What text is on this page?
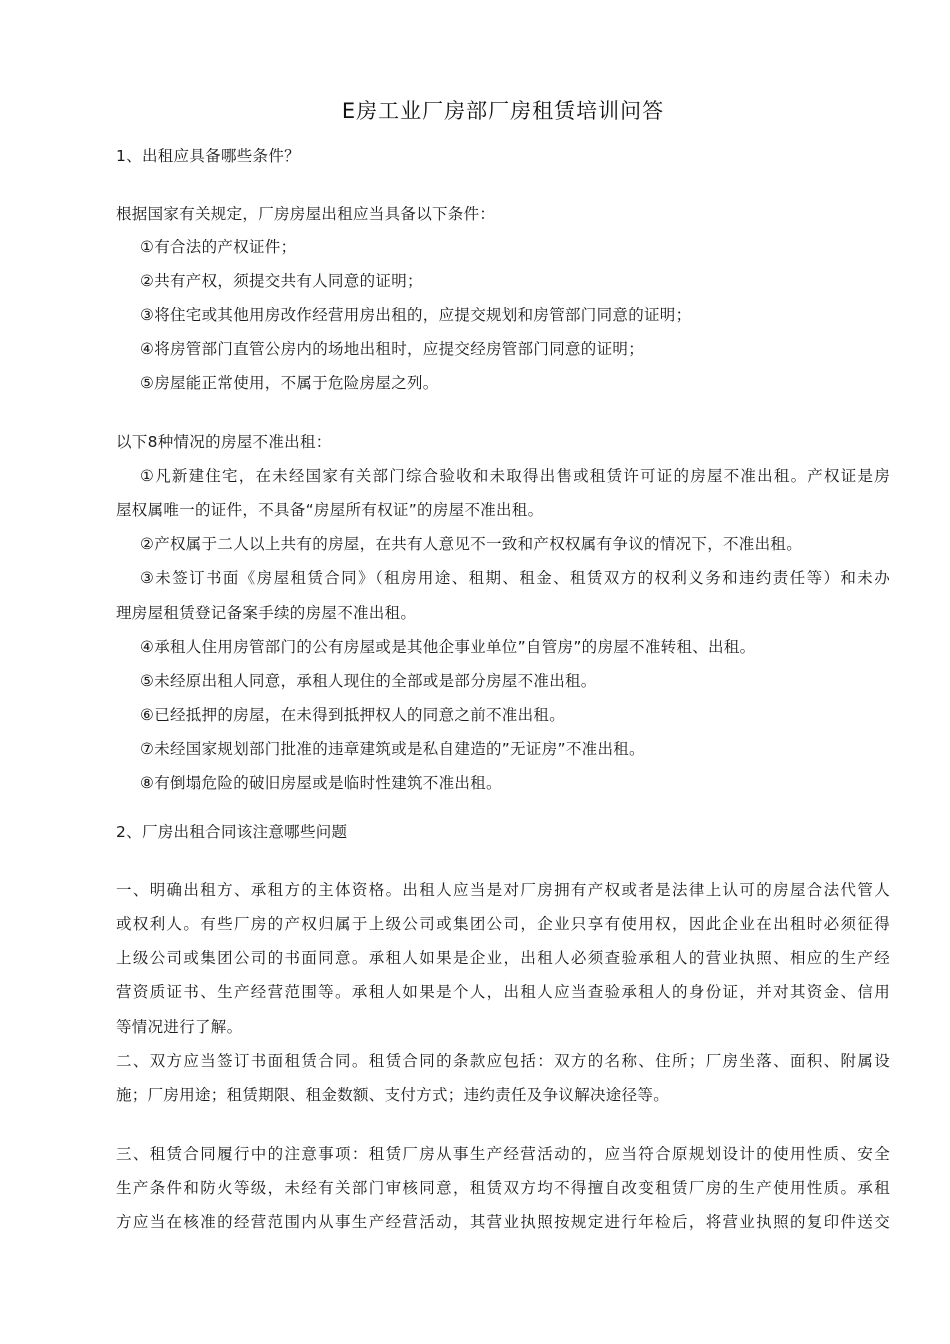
E房工业厂房部厂房租赁培训问答
1、出租应具备哪些条件？
根据国家有关规定，厂房房屋出租应当具备以下条件：
①有合法的产权证件；
②共有产权，须提交共有人同意的证明；
③将住宅或其他用房改作经营用房出租的，应提交规划和房管部门同意的证明；
④将房管部门直管公房内的场地出租时，应提交经房管部门同意的证明；
⑤房屋能正常使用，不属于危险房屋之列。
以下8种情况的房屋不准出租：
①凡新建住宅，在未经国家有关部门综合验收和未取得出售或租赁许可证的房屋不准出租。产权证是房
屋权属唯一的证件，不具备“房屋所有权证”的房屋不准出租。
②产权属于二人以上共有的房屋，在共有人意见不一致和产权权属有争议的情况下，不准出租。
③未签订书面《房屋租赁合同》（租房用途、租期、租金、租赁双方的权利义务和违约责任等）和未办
理房屋租赁登记备案手续的房屋不准出租。
④承租人住用房管部门的公有房屋或是其他企事业单位”自管房”的房屋不准转租、出租。
⑤未经原出租人同意，承租人现住的全部或是部分房屋不准出租。
⑥已经抵押的房屋，在未得到抵押权人的同意之前不准出租。
⑦未经国家规划部门批准的违章建筑或是私自建造的”无证房”不准出租。
⑧有倒塌危险的破旧房屋或是临时性建筑不准出租。
2、厂房出租合同该注意哪些问题
一、明确出租方、承租方的主体资格。出租人应当是对厂房拥有产权或者是法律上认可的房屋合法代管人
或权利人。有些厂房的产权归属于上级公司或集团公司，企业只享有使用权，因此企业在出租时必须征得
上级公司或集团公司的书面同意。承租人如果是企业，出租人必须查验承租人的营业执照、相应的生产经
营资质证书、生产经营范围等。承租人如果是个人，出租人应当查验承租人的身份证，并对其资金、信用
等情况进行了解。
二、双方应当签订书面租赁合同。租赁合同的条款应包括：双方的名称、住所；厂房坐落、面积、附属设
施；厂房用途；租赁期限、租金数额、支付方式；违约责任及争议解决途径等。
三、租赁合同履行中的注意事项：租赁厂房从事生产经营活动的，应当符合原规划设计的使用性质、安全
生产条件和防火等级，未经有关部门审核同意，租赁双方均不得擅自改变租赁厂房的生产使用性质。承租
方应当在核准的经营范围内从事生产经营活动，其营业执照按规定进行年检后，将营业执照的复印件送交
